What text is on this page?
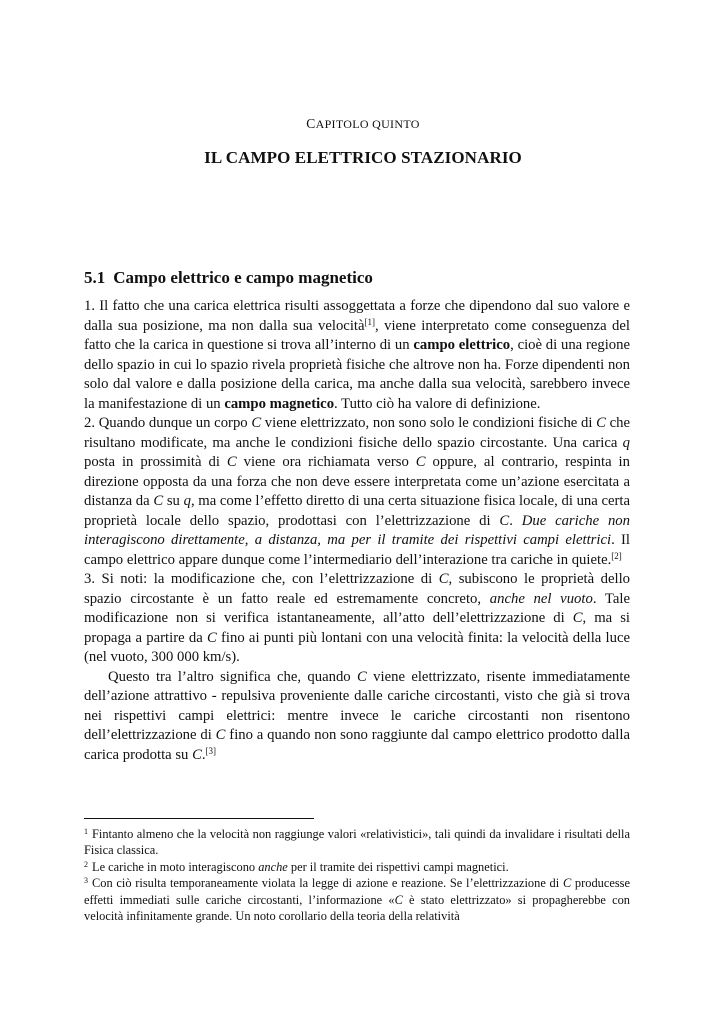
CAPITOLO QUINTO
IL CAMPO ELETTRICO STAZIONARIO
5.1 Campo elettrico e campo magnetico

1. Il fatto che una carica elettrica risulti assoggettata a forze che dipendono dal suo valore e dalla sua posizione, ma non dalla sua velocità[1], viene interpretato come conseguenza del fatto che la carica in questione si trova all’interno di un campo elettrico, cioè di una regione dello spazio in cui lo spazio rivela proprietà fisiche che altrove non ha. Forze dipendenti non solo dal valore e dalla posizione della carica, ma anche dalla sua velocità, sarebbero invece la manifestazione di un campo magnetico. Tutto ciò ha valore di definizione.

2. Quando dunque un corpo C viene elettrizzato, non sono solo le condizioni fisiche di C che risultano modificate, ma anche le condizioni fisiche dello spazio circostante. Una carica q posta in prossimità di C viene ora richiamata verso C oppure, al contrario, respinta in direzione opposta da una forza che non deve essere interpretata come un’azione esercitata a distanza da C su q, ma come l’effetto diretto di una certa situazione fisica locale, di una certa proprietà locale dello spazio, prodottasi con l’elettrizzazione di C. Due cariche non interagiscono direttamente, a distanza, ma per il tramite dei rispettivi campi elettrici. Il campo elettrico appare dunque come l’intermediario dell’interazione tra cariche in quiete.[2]

3. Si noti: la modificazione che, con l’elettrizzazione di C, subiscono le proprietà dello spazio circostante è un fatto reale ed estremamente concreto, anche nel vuoto. Tale modificazione non si verifica istantaneamente, all’atto dell’elettrizzazione di C, ma si propaga a partire da C fino ai punti più lontani con una velocità finita: la velocità della luce (nel vuoto, 300 000 km/s).

Questo tra l’altro significa che, quando C viene elettrizzato, risente immediatamente dell’azione attrattivo - repulsiva proveniente dalle cariche circostanti, visto che già si trova nei rispettivi campi elettrici: mentre invece le cariche circostanti non risentono dell’elettrizzazione di C fino a quando non sono raggiunte dal campo elettrico prodotto dalla carica prodotta su C.[3]

$^1$ Fintanto almeno che la velocità non raggiunge valori «relativistici», tali quindi da invalidare i risultati della Fisica classica.

$^2$ Le cariche in moto interagiscono anche per il tramite dei rispettivi campi magnetici.

$^3$ Con ciò risulta temporaneamente violata la legge di azione e reazione. Se l’elettrizzazione di C producesse effetti immediati sulle cariche circostanti, l’informazione «C è stato elettrizzato» si propagherebbe con velocità infinitamente grande. Un noto corollario della teoria della relatività
